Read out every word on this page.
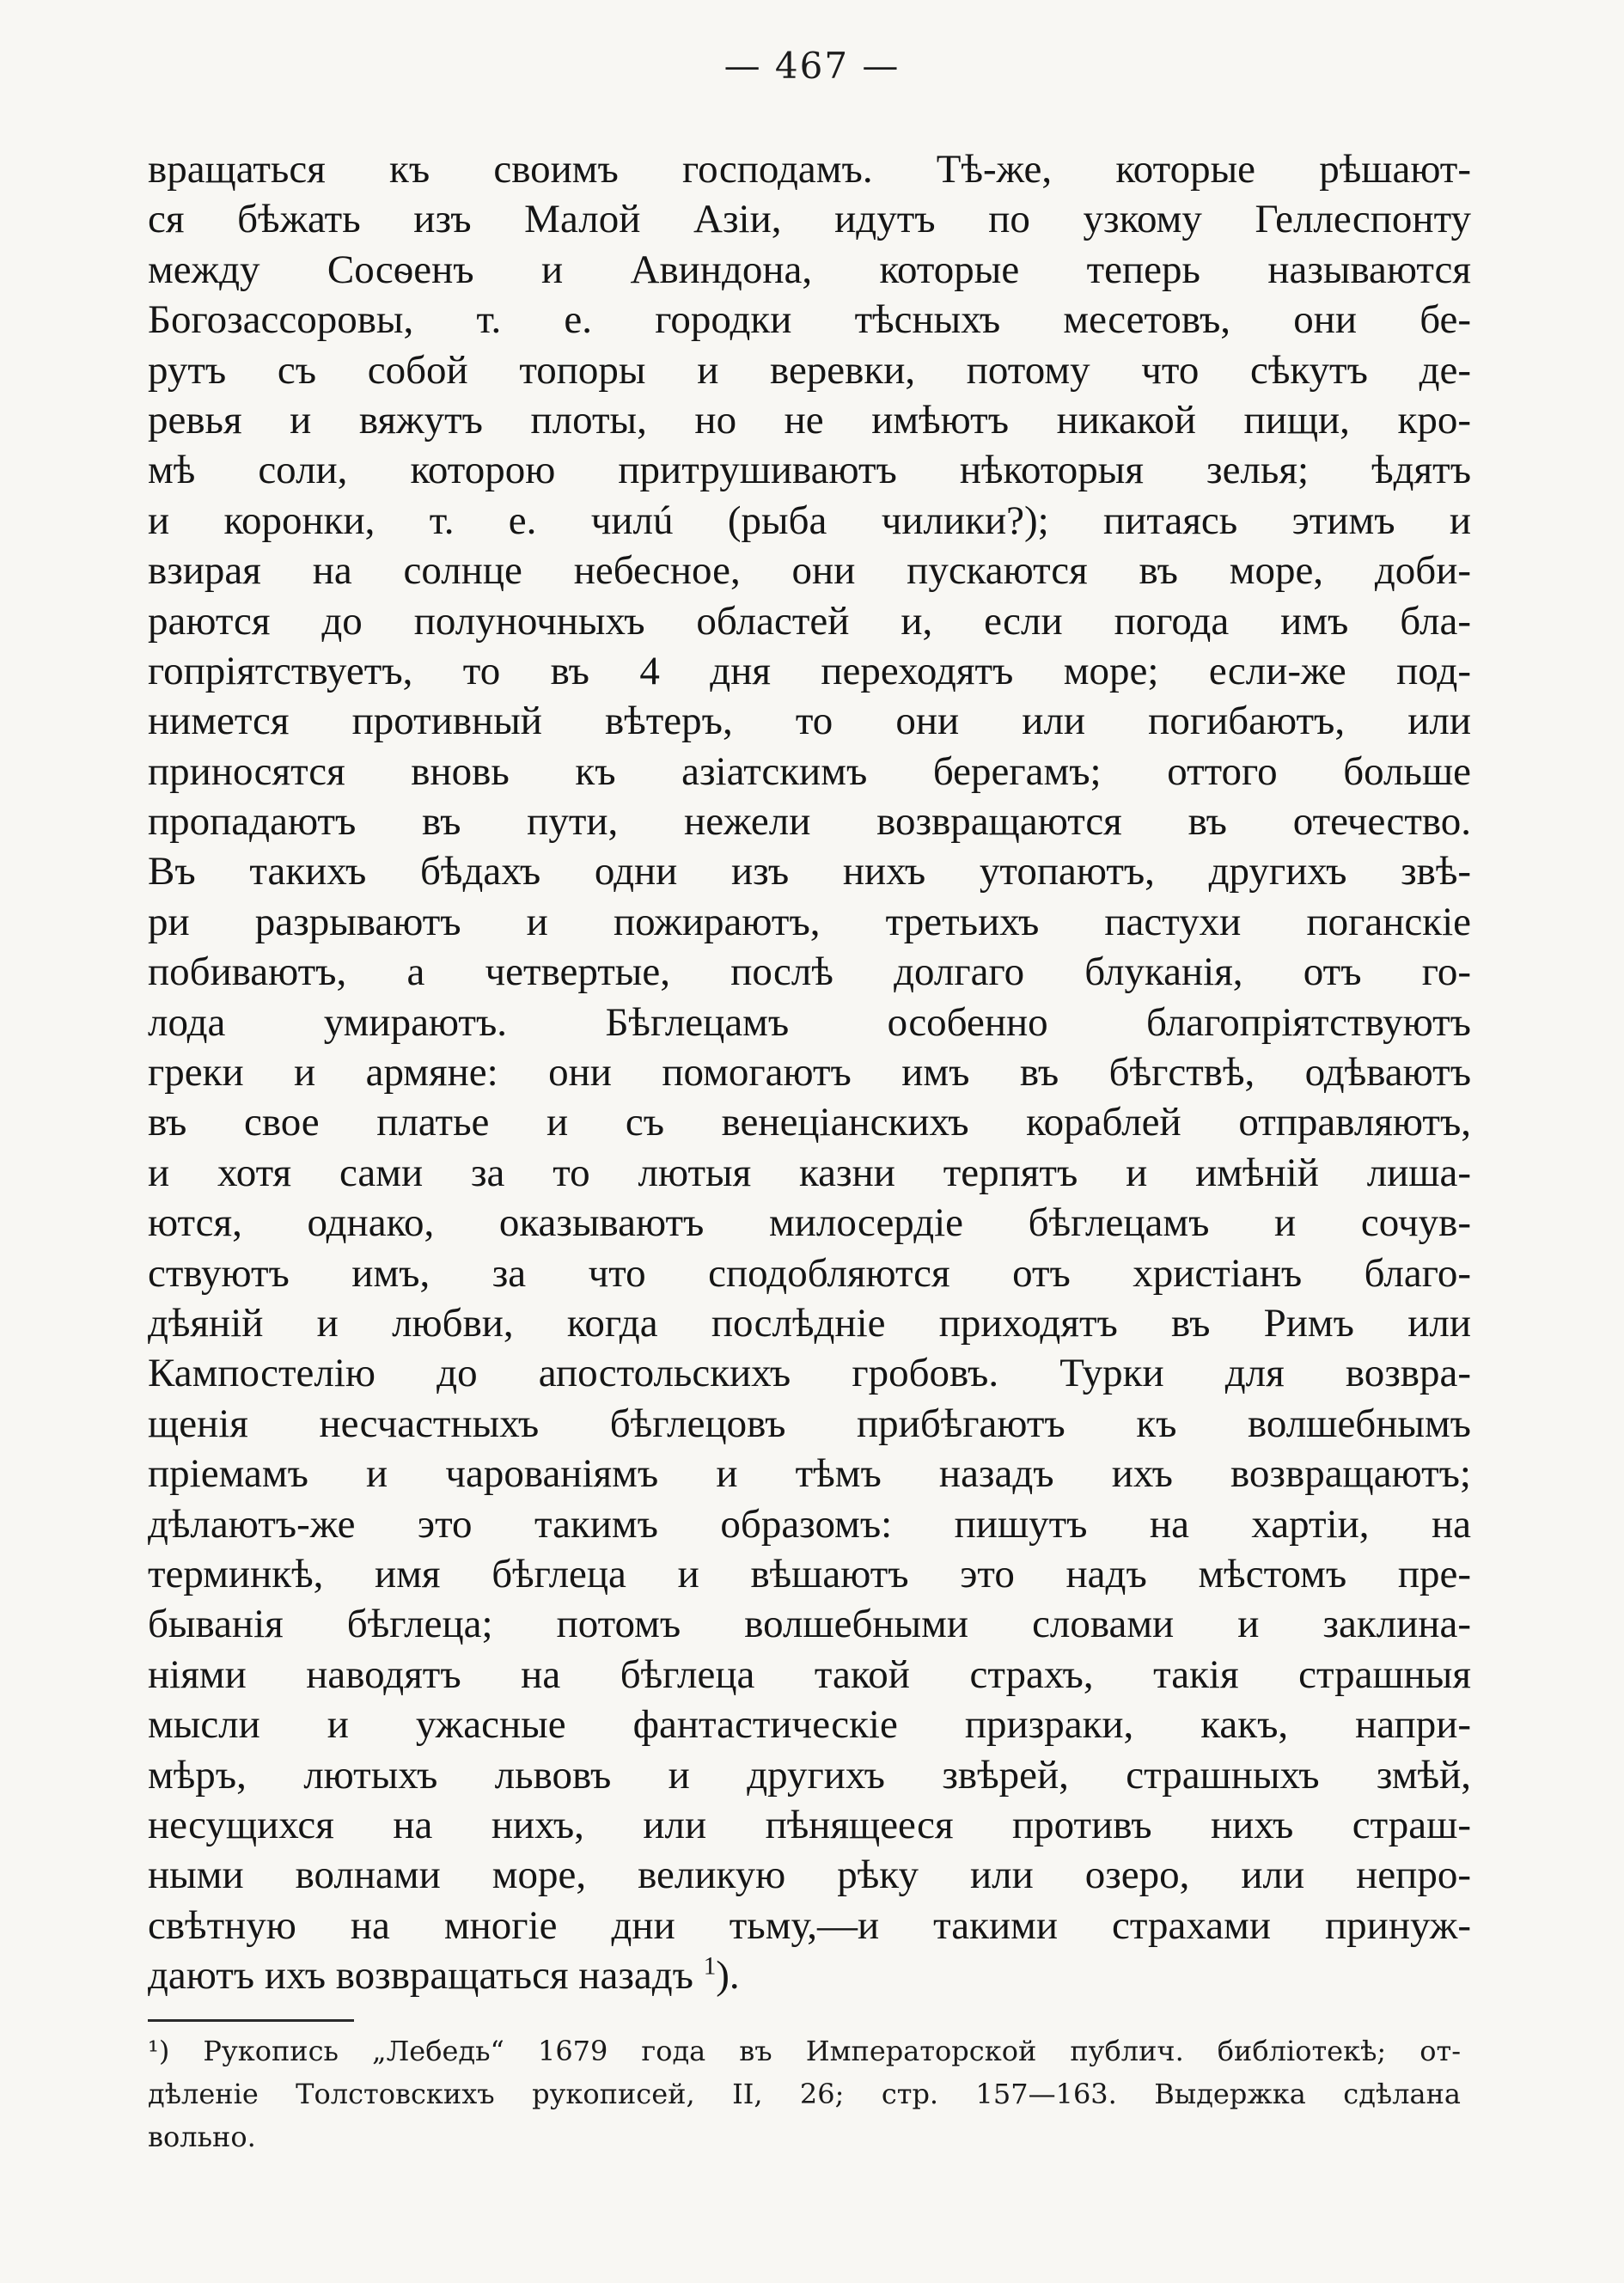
— 467 —
вращаться къ своимъ господамъ. Тѣ-же, которые рѣшают-
ся бѣжать изъ Малой Азіи, идутъ по узкому Геллеспонту
между Сосѳенъ и Авиндона, которые теперь называются
Богозассоровы, т. е. городки тѣсныхъ месетовъ, они бе-
рутъ съ собой топоры и веревки, потому что сѣкутъ де-
ревья и вяжутъ плоты, но не имѣютъ никакой пищи, кро-
мѣ соли, которою притрушиваютъ нѣкоторыя зелья; ѣдятъ
и коронки, т. е. чилú (рыба чилики?); питаясь этимъ и
взирая на солнце небесное, они пускаются въ море, доби-
раются до полуночныхъ областей и, если погода имъ бла-
гопріятствуетъ, то въ 4 дня переходятъ море; если-же под-
нимется противный вѣтеръ, то они или погибаютъ, или
приносятся вновь къ азіатскимъ берегамъ; оттого больше
пропадаютъ въ пути, нежели возвращаются въ отечество.
Въ такихъ бѣдахъ одни изъ нихъ утопаютъ, другихъ звѣ-
ри разрываютъ и пожираютъ, третьихъ пастухи поганскіе
побиваютъ, а четвертые, послѣ долгаго блуканія, отъ го-
лода умираютъ. Бѣглецамъ особенно благопріятствуютъ
греки и армяне: они помогаютъ имъ въ бѣгствѣ, одѣваютъ
въ свое платье и съ венеціанскихъ кораблей отправляютъ,
и хотя сами за то лютыя казни терпятъ и имѣній лиша-
ются, однако, оказываютъ милосердіе бѣглецамъ и сочув-
ствуютъ имъ, за что сподобляются отъ христіанъ благо-
дѣяній и любви, когда послѣдніе приходятъ въ Римъ или
Кампостелію до апостольскихъ гробовъ. Турки для возвра-
щенія несчастныхъ бѣглецовъ прибѣгаютъ къ волшебнымъ
пріемамъ и чарованіямъ и тѣмъ назадъ ихъ возвращаютъ;
дѣлаютъ-же это такимъ образомъ: пишутъ на хартіи, на
терминкѣ, имя бѣглеца и вѣшаютъ это надъ мѣстомъ пре-
быванія бѣглеца; потомъ волшебными словами и заклина-
ніями наводятъ на бѣглеца такой страхъ, такія страшныя
мысли и ужасные фантастическіе призраки, какъ, напри-
мѣръ, лютыхъ львовъ и другихъ звѣрей, страшныхъ змѣй,
несущихся на нихъ, или пѣнящееся противъ нихъ страш-
ными волнами море, великую рѣку или озеро, или непро-
свѣтную на многіе дни тьму,—и такими страхами принуж-
даютъ ихъ возвращаться назадъ $^1$).
¹) Рукопись „Лебедь“ 1679 года въ Императорской публич. библіотекѣ; от-
дѣленіе Толстовскихъ рукописей, II, 26; стр. 157—163. Выдержка сдѣлана
вольно.
